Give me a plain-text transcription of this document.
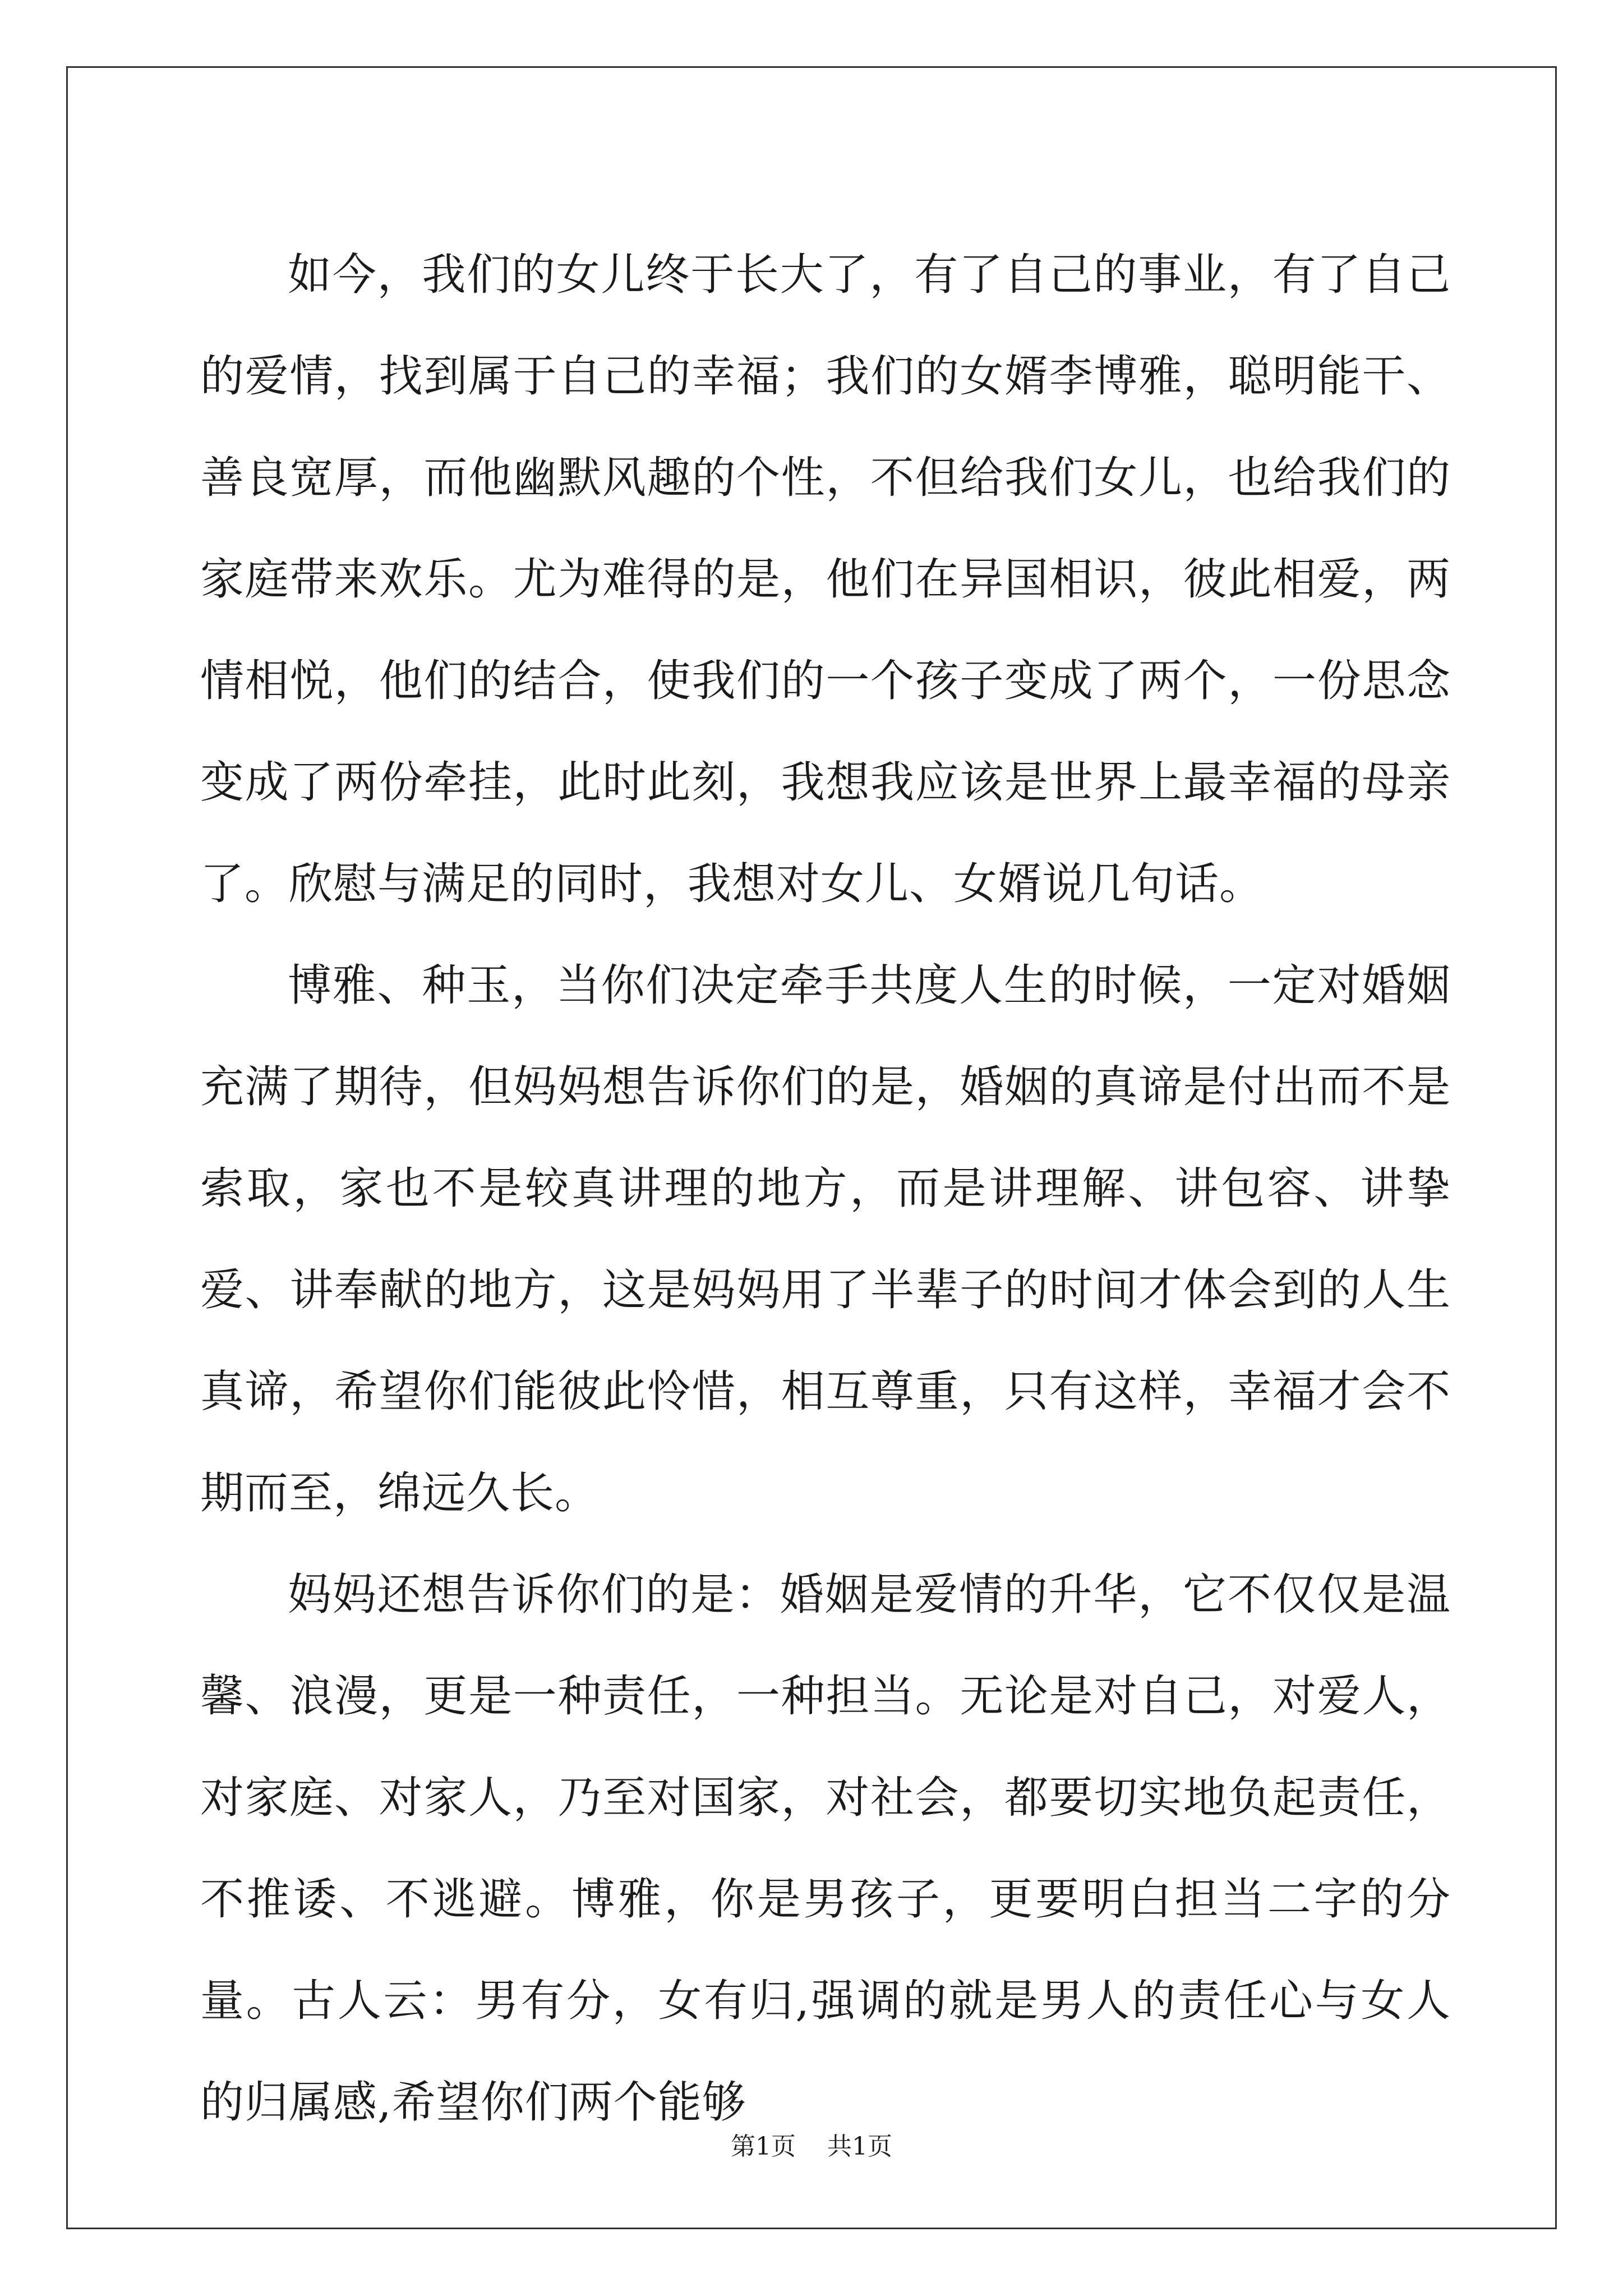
如今，我们的女儿终于长大了，有了自己的事业，有了自己的爱情，找到属于自己的幸福；我们的女婿李博雅，聪明能干、善良宽厚，而他幽默风趣的个性，不但给我们女儿，也给我们的家庭带来欢乐。尤为难得的是，他们在异国相识，彼此相爱，两情相悦，他们的结合，使我们的一个孩子变成了两个，一份思念变成了两份牵挂，此时此刻，我想我应该是世界上最幸福的母亲了。欣慰与满足的同时，我想对女儿、女婿说几句话。

博雅、种玉，当你们决定牵手共度人生的时候，一定对婚姻充满了期待，但妈妈想告诉你们的是，婚姻的真谛是付出而不是索取，家也不是较真讲理的地方，而是讲理解、讲包容、讲挚爱、讲奉献的地方，这是妈妈用了半辈子的时间才体会到的人生真谛，希望你们能彼此怜惜，相互尊重，只有这样，幸福才会不期而至，绵远久长。

妈妈还想告诉你们的是：婚姻是爱情的升华，它不仅仅是温馨、浪漫，更是一种责任，一种担当。无论是对自己，对爱人，对家庭、对家人，乃至对国家，对社会，都要切实地负起责任，不推诿、不逃避。博雅，你是男孩子，更要明白担当二字的分量。古人云：男有分，女有归,强调的就是男人的责任心与女人的归属感,希望你们两个能够

第1页 共1页
